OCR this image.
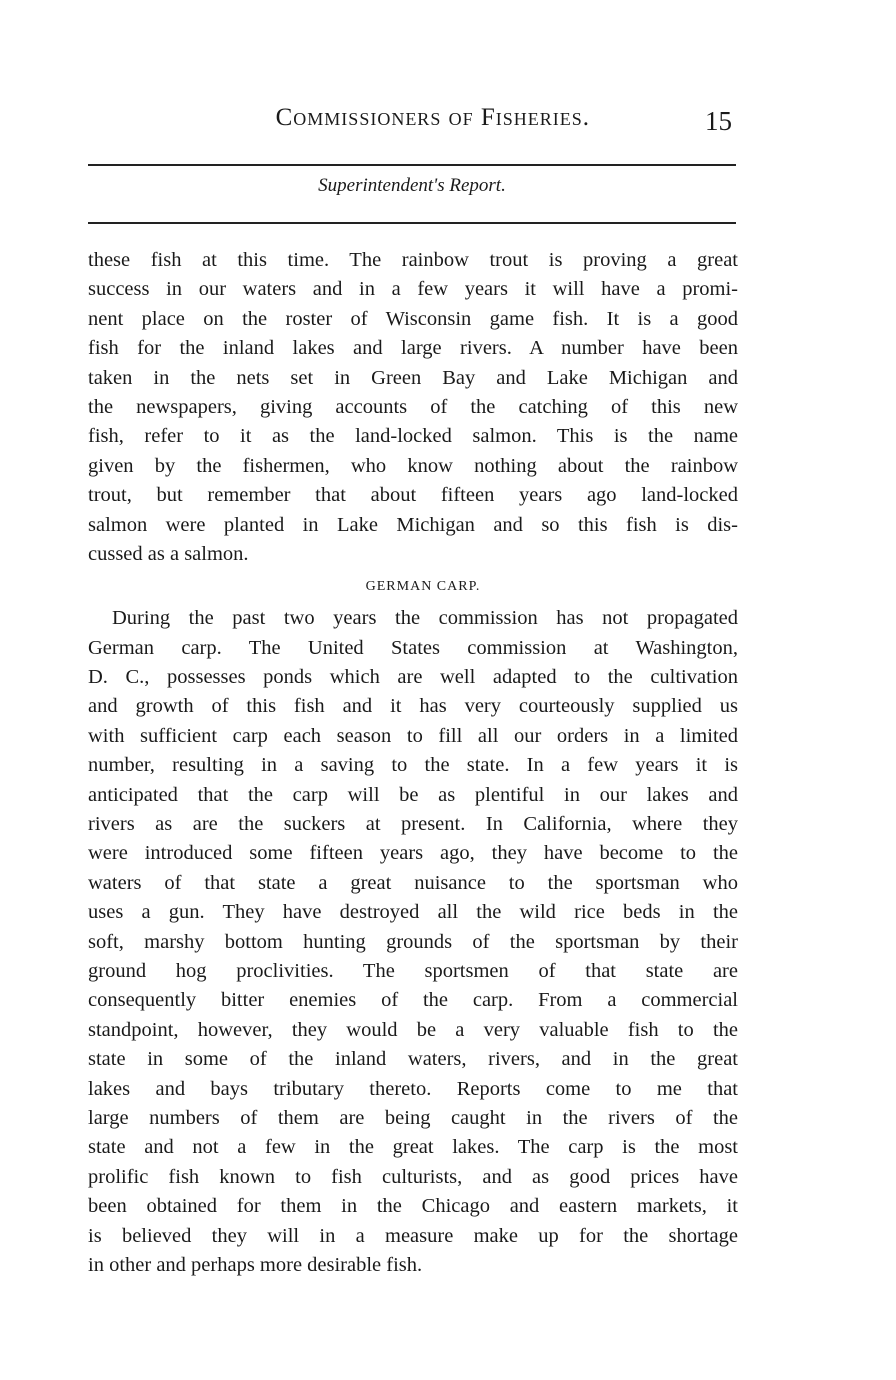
Commissioners of Fisheries.	15
Superintendent's Report.
these fish at this time. The rainbow trout is proving a great
success in our waters and in a few years it will have a promi-
nent place on the roster of Wisconsin game fish. It is a good
fish for the inland lakes and large rivers. A number have been
taken in the nets set in Green Bay and Lake Michigan and
the newspapers, giving accounts of the catching of this new
fish, refer to it as the land-locked salmon. This is the name
given by the fishermen, who know nothing about the rainbow
trout, but remember that about fifteen years ago land-locked
salmon were planted in Lake Michigan and so this fish is dis-
cussed as a salmon.
GERMAN CARP.
During the past two years the commission has not propagated
German carp. The United States commission at Washington,
D. C., possesses ponds which are well adapted to the cultivation
and growth of this fish and it has very courteously supplied us
with sufficient carp each season to fill all our orders in a limited
number, resulting in a saving to the state. In a few years it is
anticipated that the carp will be as plentiful in our lakes and
rivers as are the suckers at present. In California, where they
were introduced some fifteen years ago, they have become to the
waters of that state a great nuisance to the sportsman who
uses a gun. They have destroyed all the wild rice beds in the
soft, marshy bottom hunting grounds of the sportsman by their
ground hog proclivities. The sportsmen of that state are
consequently bitter enemies of the carp. From a commercial
standpoint, however, they would be a very valuable fish to the
state in some of the inland waters, rivers, and in the great
lakes and bays tributary thereto. Reports come to me that
large numbers of them are being caught in the rivers of the
state and not a few in the great lakes. The carp is the most
prolific fish known to fish culturists, and as good prices have
been obtained for them in the Chicago and eastern markets, it
is believed they will in a measure make up for the shortage
in other and perhaps more desirable fish.
